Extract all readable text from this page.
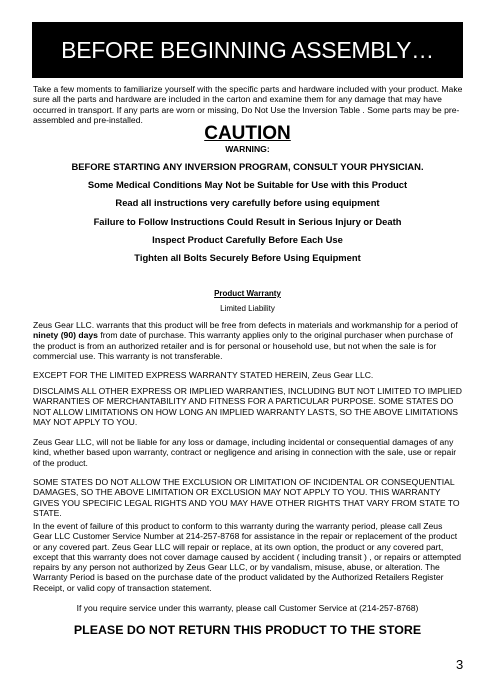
BEFORE BEGINNING ASSEMBLY…
Take a few moments to familiarize yourself with the specific parts and hardware included with your product. Make sure all the parts and hardware are included in the carton and examine them for any damage that may have occurred in transport. If any parts are worn or missing, Do Not Use the Inversion Table . Some parts may be pre-assembled and pre-installed.
CAUTION
WARNING:
BEFORE STARTING ANY INVERSION PROGRAM, CONSULT YOUR PHYSICIAN.
Some Medical Conditions May Not be Suitable for Use with this Product
Read all instructions very carefully before using equipment
Failure to Follow Instructions Could Result in Serious Injury or Death
Inspect Product Carefully Before Each Use
Tighten all Bolts Securely Before Using Equipment
Product Warranty
Limited Liability
Zeus Gear LLC. warrants that this product will be free from defects in materials and workmanship for a period of ninety (90) days from date of purchase. This warranty applies only to the original purchaser when purchase of the product is from an authorized retailer and is for personal or household use, but not when the sale is for commercial use. This warranty is not transferable.
EXCEPT FOR THE LIMITED EXPRESS WARRANTY STATED HEREIN, Zeus Gear LLC.
DISCLAIMS ALL OTHER EXPRESS OR IMPLIED WARRANTIES, INCLUDING BUT NOT LIMITED TO IMPLIED WARRANTIES OF MERCHANTABILITY AND FITNESS FOR A PARTICULAR PURPOSE. SOME STATES DO NOT ALLOW LIMITATIONS ON HOW LONG AN IMPLIED WARRANTY LASTS, SO THE ABOVE LIMITATIONS MAY NOT APPLY TO YOU.
Zeus Gear LLC, will not be liable for any loss or damage, including incidental or consequential damages of any kind, whether based upon warranty, contract or negligence and arising in connection with the sale, use or repair of the product.
SOME STATES DO NOT ALLOW THE EXCLUSION OR LIMITATION OF INCIDENTAL OR CONSEQUENTIAL DAMAGES, SO THE ABOVE LIMITATION OR EXCLUSION MAY NOT APPLY TO YOU. THIS WARRANTY GIVES YOU SPECIFIC LEGAL RIGHTS AND YOU MAY HAVE OTHER RIGHTS THAT VARY FROM STATE TO STATE.
In the event of failure of this product to conform to this warranty during the warranty period, please call Zeus Gear LLC Customer Service Number at 214-257-8768 for assistance in the repair or replacement of the product or any covered part. Zeus Gear LLC will repair or replace, at its own option, the product or any covered part, except that this warranty does not cover damage caused by accident ( including transit ) , or repairs or attempted repairs by any person not authorized by Zeus Gear LLC, or by vandalism, misuse, abuse, or alteration. The Warranty Period is based on the purchase date of the product validated by the Authorized Retailers Register Receipt, or valid copy of transaction statement.
If you require service under this warranty, please call Customer Service at (214-257-8768)
PLEASE DO NOT RETURN THIS PRODUCT TO THE STORE
3
